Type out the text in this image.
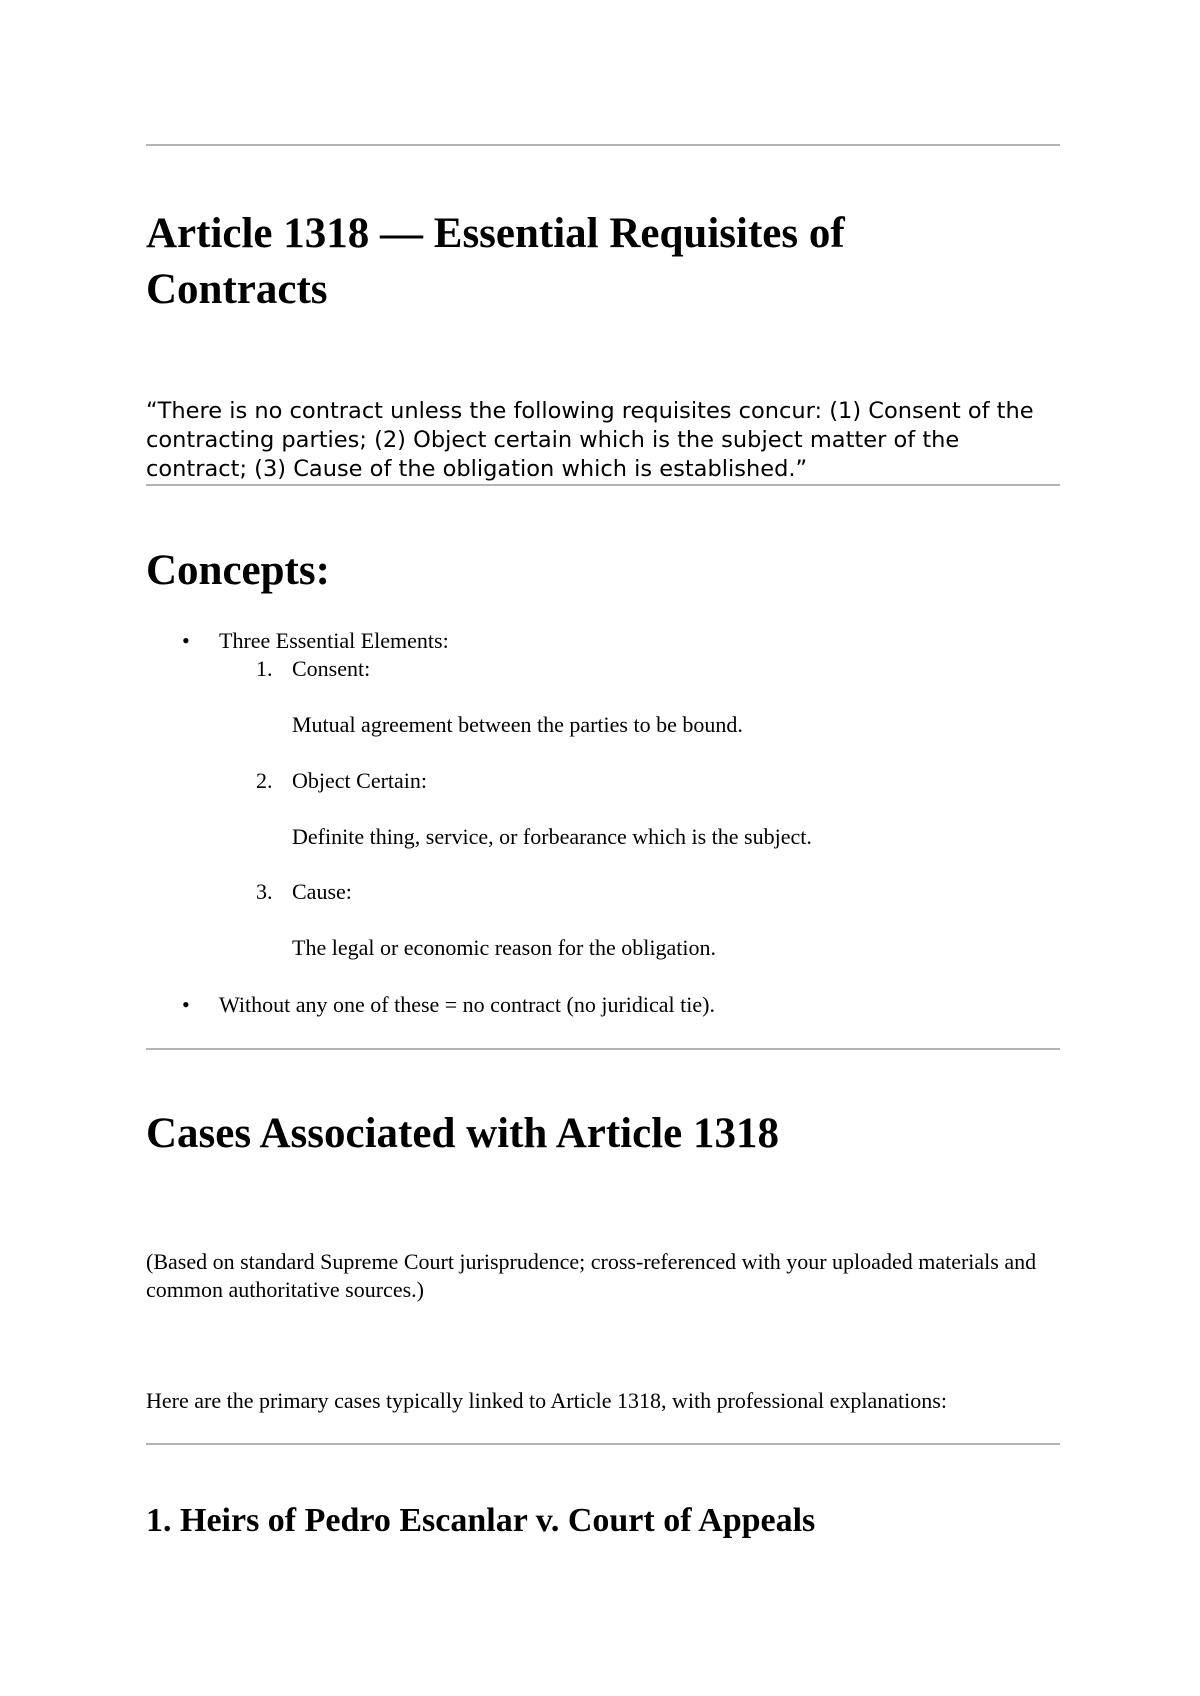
Article 1318 — Essential Requisites of
Contracts

“There is no contract unless the following requisites concur: (1) Consent of the contracting parties; (2) Object certain which is the subject matter of the contract; (3) Cause of the obligation which is established.”

Concepts:
• Three Essential Elements:
1. Consent:
Mutual agreement between the parties to be bound.
2. Object Certain:
Definite thing, service, or forbearance which is the subject.
3. Cause:
The legal or economic reason for the obligation.
• Without any one of these = no contract (no juridical tie).
Cases Associated with Article 1318

(Based on standard Supreme Court jurisprudence; cross-referenced with your uploaded materials and common authoritative sources.)

Here are the primary cases typically linked to Article 1318, with professional explanations:

1. Heirs of Pedro Escanlar v. Court of Appeals
